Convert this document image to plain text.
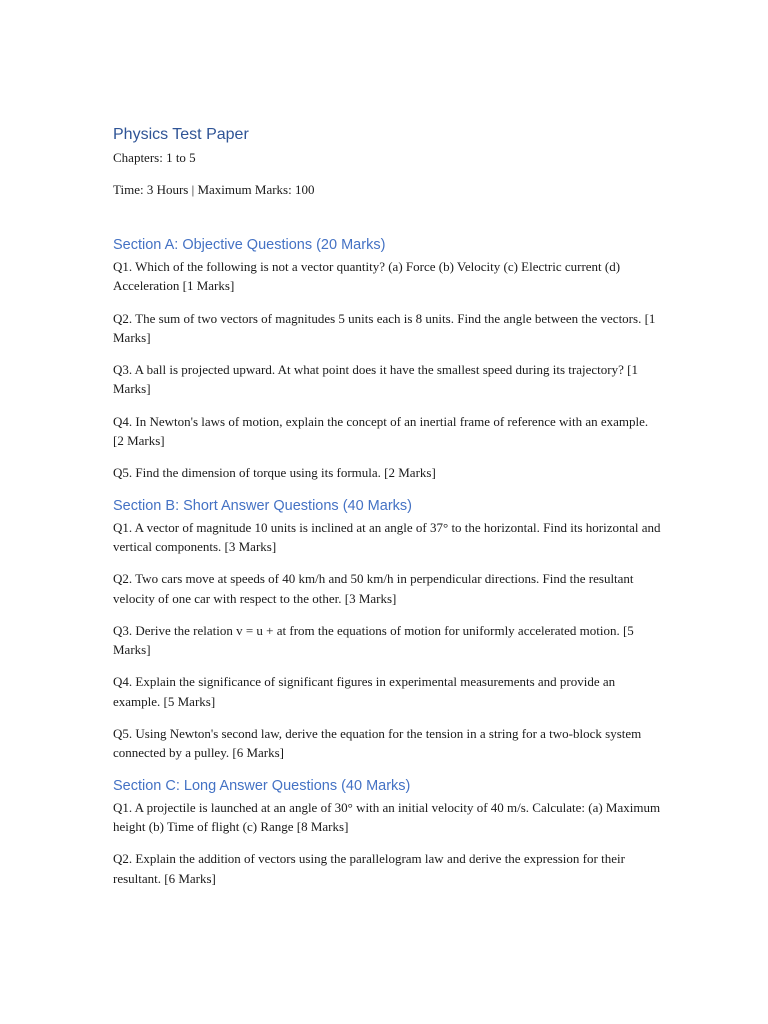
Physics Test Paper

Chapters: 1 to 5

Time: 3 Hours | Maximum Marks: 100

Section A: Objective Questions (20 Marks)

Q1. Which of the following is not a vector quantity? (a) Force (b) Velocity (c) Electric current (d) Acceleration [1 Marks]

Q2. The sum of two vectors of magnitudes 5 units each is 8 units. Find the angle between the vectors. [1 Marks]

Q3. A ball is projected upward. At what point does it have the smallest speed during its trajectory? [1 Marks]

Q4. In Newton's laws of motion, explain the concept of an inertial frame of reference with an example. [2 Marks]

Q5. Find the dimension of torque using its formula. [2 Marks]

Section B: Short Answer Questions (40 Marks)

Q1. A vector of magnitude 10 units is inclined at an angle of 37° to the horizontal. Find its horizontal and vertical components. [3 Marks]

Q2. Two cars move at speeds of 40 km/h and 50 km/h in perpendicular directions. Find the resultant velocity of one car with respect to the other. [3 Marks]

Q3. Derive the relation v = u + at from the equations of motion for uniformly accelerated motion. [5 Marks]

Q4. Explain the significance of significant figures in experimental measurements and provide an example. [5 Marks]

Q5. Using Newton's second law, derive the equation for the tension in a string for a two-block system connected by a pulley. [6 Marks]

Section C: Long Answer Questions (40 Marks)

Q1. A projectile is launched at an angle of 30° with an initial velocity of 40 m/s. Calculate: (a) Maximum height (b) Time of flight (c) Range [8 Marks]

Q2. Explain the addition of vectors using the parallelogram law and derive the expression for their resultant. [6 Marks]
